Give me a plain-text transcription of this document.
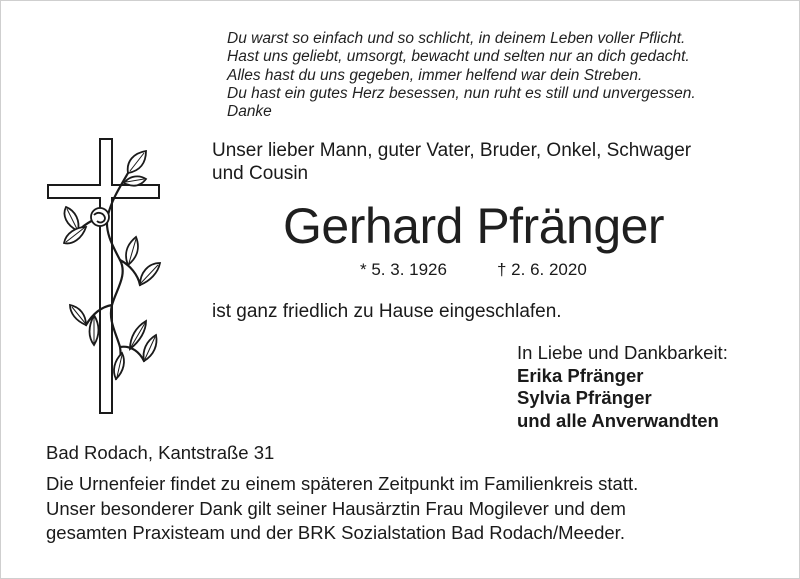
Du warst so einfach und so schlicht, in deinem Leben voller Pflicht.
Hast uns geliebt, umsorgt, bewacht und selten nur an dich gedacht.
Alles hast du uns gegeben, immer helfend war dein Streben.
Du hast ein gutes Herz besessen, nun ruht es still und unvergessen.
Danke
Unser lieber Mann, guter Vater, Bruder, Onkel, Schwager
und Cousin
Gerhard Pfränger
* 5. 3. 1926	† 2. 6. 2020
ist ganz friedlich zu Hause eingeschlafen.
In Liebe und Dankbarkeit:
Erika Pfränger
Sylvia Pfränger
und alle Anverwandten
Bad Rodach, Kantstraße 31
Die Urnenfeier findet zu einem späteren Zeitpunkt im Familienkreis statt.
Unser besonderer Dank gilt seiner Hausärztin Frau Mogilever und dem
gesamten Praxisteam und der BRK Sozialstation Bad Rodach/Meeder.
